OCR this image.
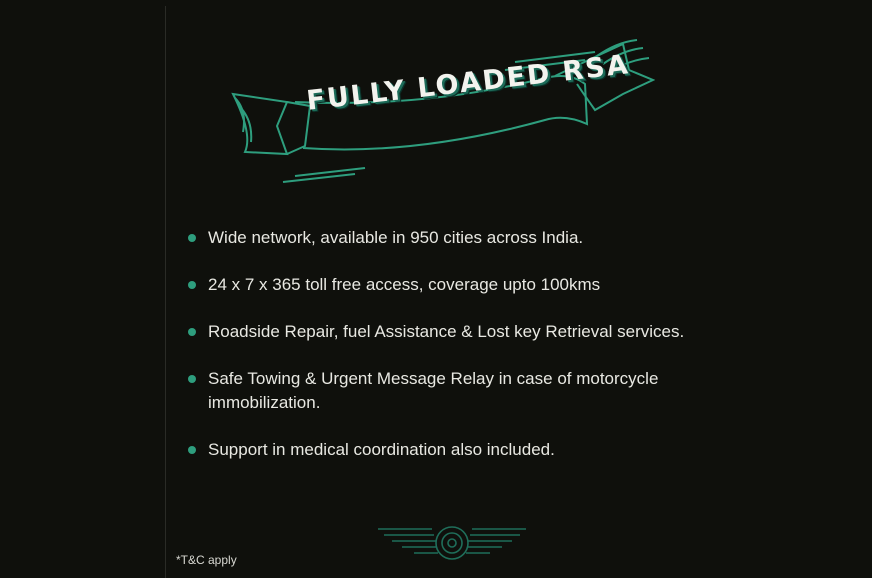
FULLY LOADED RSA
Wide network, available in 950 cities across India.
24 x 7 x 365 toll free access, coverage upto 100kms
Roadside Repair, fuel Assistance & Lost key Retrieval services.
Safe Towing & Urgent Message Relay in case of motorcycle immobilization.
Support in medical coordination also included.
*T&C apply
